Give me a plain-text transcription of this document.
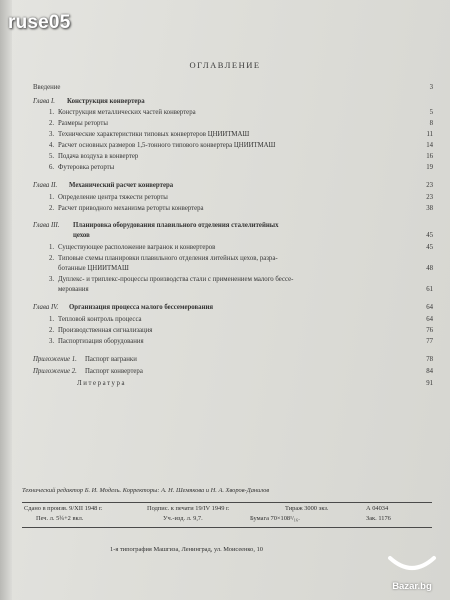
ruse05
ОГЛАВЛЕНИЕ
Введение	3
Глава I. Конструкция конвертера
1. Конструкция металлических частей конвертера	5
2. Размеры реторты	8
3. Технические характеристики типовых конвертеров ЦНИИТМАШ	11
4. Расчет основных размеров 1,5-тонного типового конвертера ЦНИИТМАШ	14
5. Подача воздуха в конвертер	16
6. Футеровка реторты	19
Глава II. Механический расчет конвертера	23
1. Определение центра тяжести реторты	23
2. Расчет приводного механизма реторты конвертера	38
Глава III. Планировка оборудования плавильного отделения сталелитейных
цехов	45
1. Существующее расположение вагранок и конвертеров	45
2. Типовые схемы планировки плавильного отделения литейных цехов, разра-
ботанные ЦНИИТМАШ	48
3. Дуплекс- и триплекс-процессы производства стали с применением малого бессе-
мерования	61
Глава IV. Организация процесса малого бессемерования	64
1. Тепловой контроль процесса	64
2. Производственная сигнализация	76
3. Паспортизация оборудования	77
Приложение 1. Паспорт вагранки	78
Приложение 2. Паспорт конвертера	84
Литература	91
Технический редактор Б. И. Модель. Корректоры: А. Н. Шемякова и Н. А. Хворов-Данилов
Сдано в произв. 9/XII 1948 г.	Подпис. к печати 19/IV 1949 г.	Тираж 3000 экз.	А 04034
Печ. л. 5¾+2 вкл.	Уч.-изд. л. 9,7.	Бумага 70×108¹/₁₆.	Зак. 1176
1-я типография Машгиза, Ленинград, ул. Моисеенко, 10
Bazar.bg
